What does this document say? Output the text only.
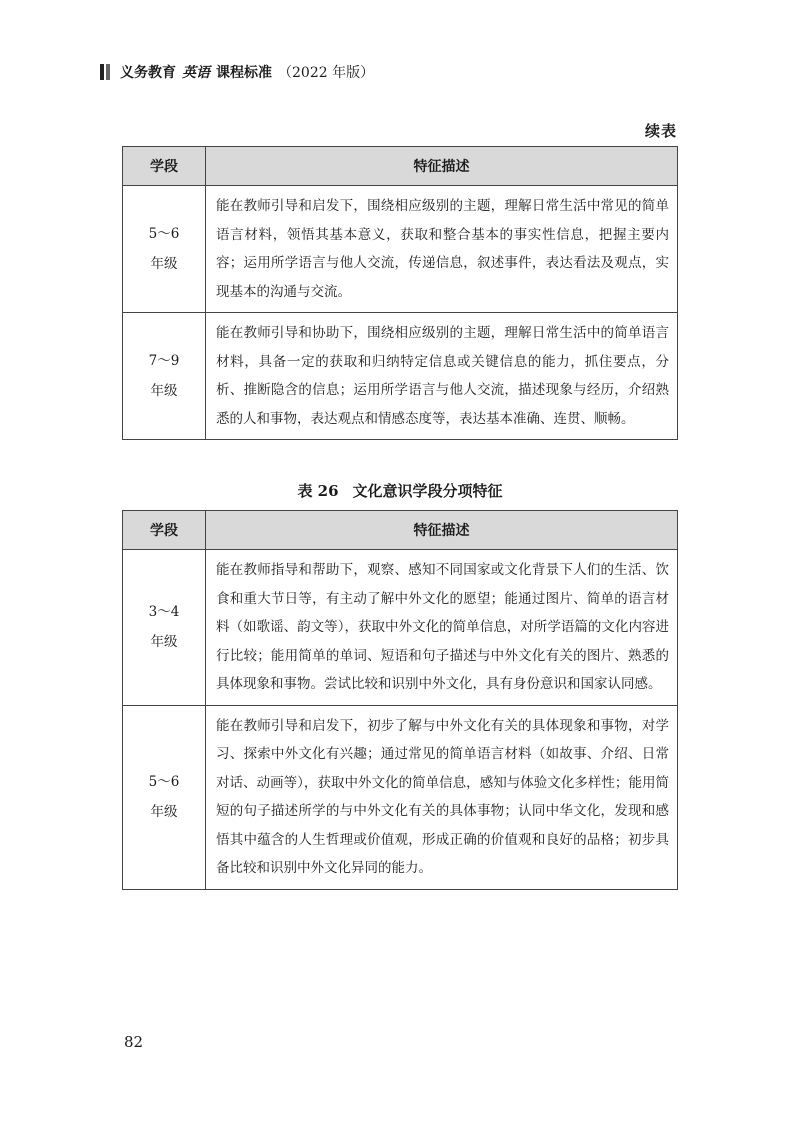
义务教育 英语 课程标准 （2022 年版）
续表
学段	特征描述
5～6
年级	能在教师引导和启发下，围绕相应级别的主题，理解日常生活中常见的简单语言材料，领悟其基本意义，获取和整合基本的事实性信息，把握主要内容；运用所学语言与他人交流，传递信息，叙述事件，表达看法及观点，实现基本的沟通与交流。
7～9
年级	能在教师引导和协助下，围绕相应级别的主题，理解日常生活中的简单语言材料，具备一定的获取和归纳特定信息或关键信息的能力，抓住要点，分析、推断隐含的信息；运用所学语言与他人交流，描述现象与经历，介绍熟悉的人和事物，表达观点和情感态度等，表达基本准确、连贯、顺畅。
表 26 文化意识学段分项特征
学段	特征描述
3～4
年级	能在教师指导和帮助下，观察、感知不同国家或文化背景下人们的生活、饮食和重大节日等，有主动了解中外文化的愿望；能通过图片、简单的语言材料（如歌谣、韵文等），获取中外文化的简单信息，对所学语篇的文化内容进行比较；能用简单的单词、短语和句子描述与中外文化有关的图片、熟悉的具体现象和事物。尝试比较和识别中外文化，具有身份意识和国家认同感。
5～6
年级	能在教师引导和启发下，初步了解与中外文化有关的具体现象和事物，对学习、探索中外文化有兴趣；通过常见的简单语言材料（如故事、介绍、日常对话、动画等），获取中外文化的简单信息，感知与体验文化多样性；能用简短的句子描述所学的与中外文化有关的具体事物；认同中华文化，发现和感悟其中蕴含的人生哲理或价值观，形成正确的价值观和良好的品格；初步具备比较和识别中外文化异同的能力。
82
